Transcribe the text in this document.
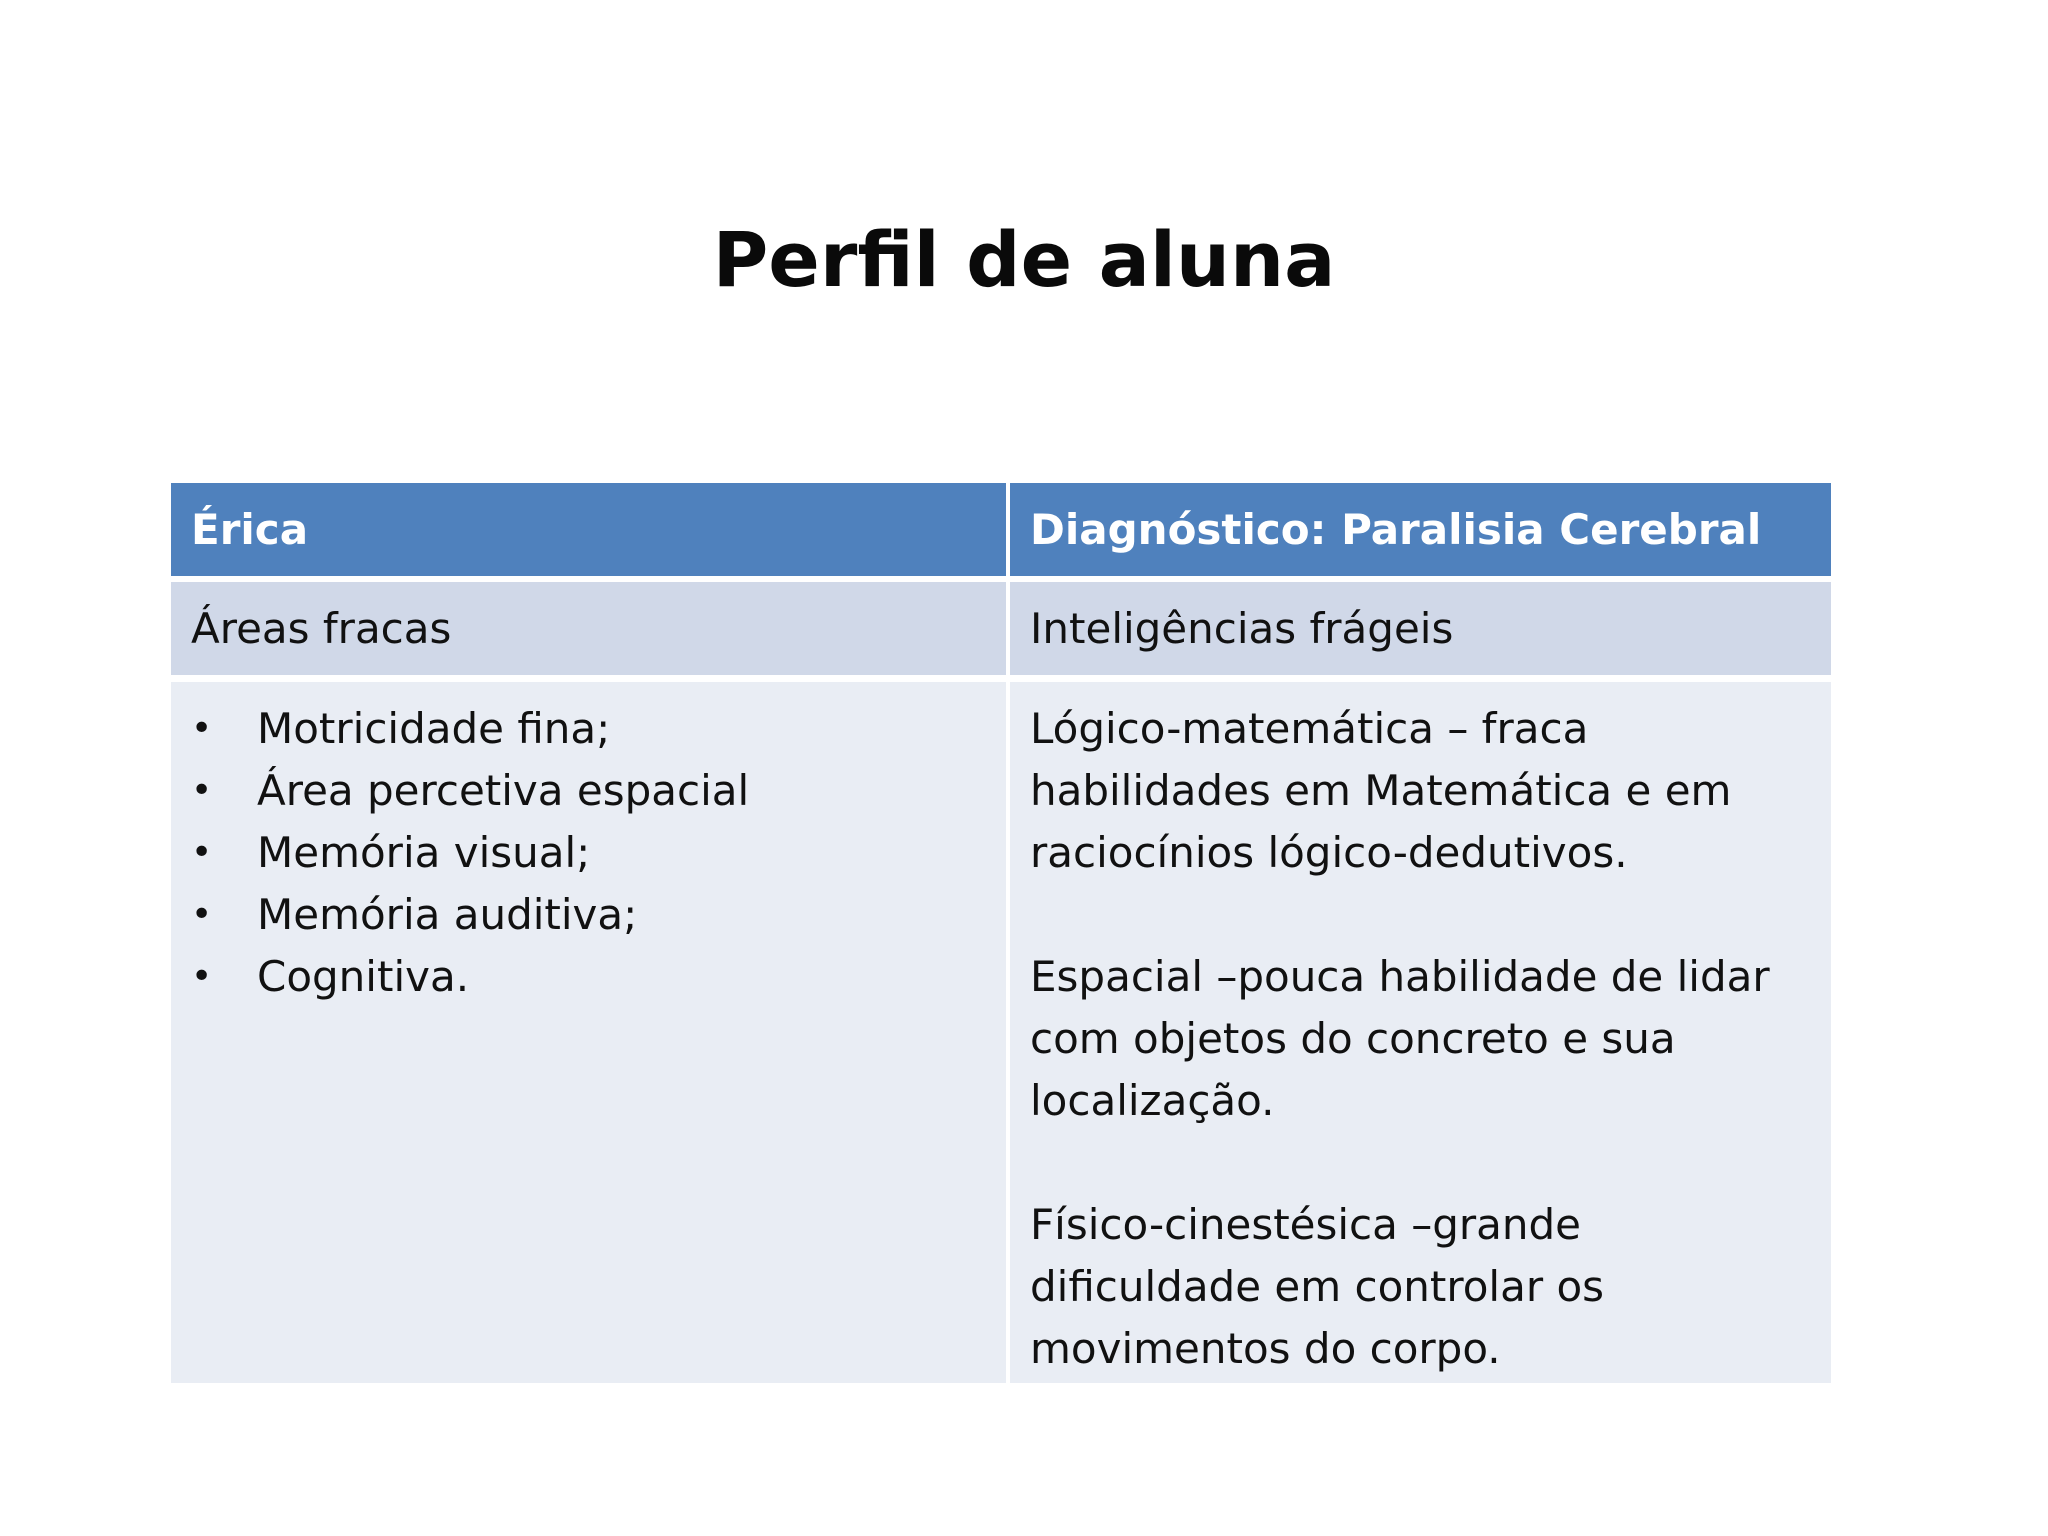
Perfil de aluna
Érica	Diagnóstico: Paralisia Cerebral
Áreas fracas	Inteligências frágeis
• Motricidade fina;
• Área percetiva espacial
• Memória visual;
• Memória auditiva;
• Cognitiva.

Lógico-matemática – fraca
habilidades em Matemática e em
raciocínios lógico-dedutivos.

Espacial –pouca habilidade de lidar
com objetos do concreto e sua
localização.

Físico-cinestésica –grande
dificuldade em controlar os
movimentos do corpo.
